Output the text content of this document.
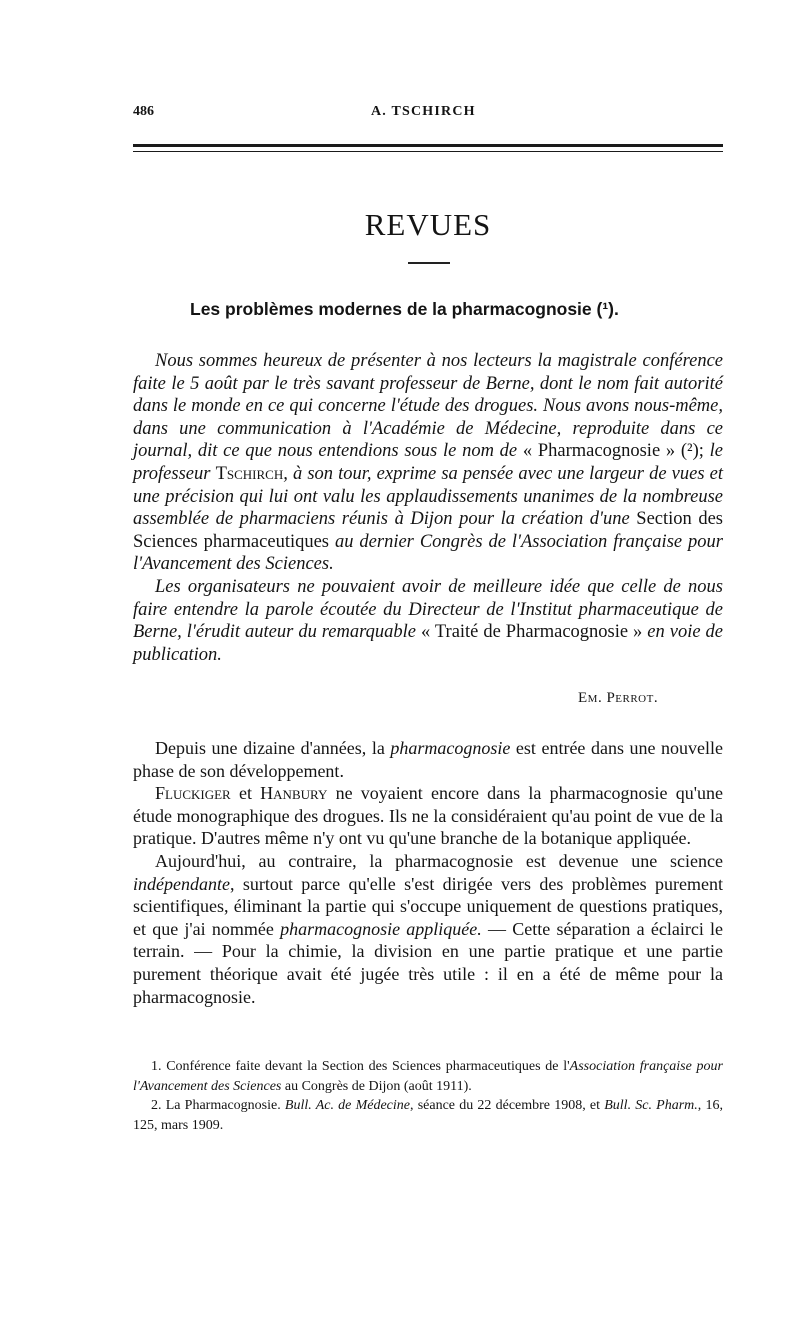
486	A. TSCHIRCH
REVUES
Les problèmes modernes de la pharmacognosie (¹).

Nous sommes heureux de présenter à nos lecteurs la magistrale conférence faite le 5 août par le très savant professeur de Berne, dont le nom fait autorité dans le monde en ce qui concerne l'étude des drogues. Nous avons nous-même, dans une communication à l'Académie de Médecine, reproduite dans ce journal, dit ce que nous entendions sous le nom de « Pharmacognosie » (²); le professeur Tschirch, à son tour, exprime sa pensée avec une largeur de vues et une précision qui lui ont valu les applaudissements unanimes de la nombreuse assemblée de pharmaciens réunis à Dijon pour la création d'une Section des Sciences pharmaceutiques au dernier Congrès de l'Association française pour l'Avancement des Sciences.

Les organisateurs ne pouvaient avoir de meilleure idée que celle de nous faire entendre la parole écoutée du Directeur de l'Institut pharmaceutique de Berne, l'érudit auteur du remarquable « Traité de Pharmacognosie » en voie de publication.

Em. Perrot.

Depuis une dizaine d'années, la pharmacognosie est entrée dans une nouvelle phase de son développement.

Fluckiger et Hanbury ne voyaient encore dans la pharmacognosie qu'une étude monographique des drogues. Ils ne la considéraient qu'au point de vue de la pratique. D'autres même n'y ont vu qu'une branche de la botanique appliquée.

Aujourd'hui, au contraire, la pharmacognosie est devenue une science indépendante, surtout parce qu'elle s'est dirigée vers des problèmes purement scientifiques, éliminant la partie qui s'occupe uniquement de questions pratiques, et que j'ai nommée pharmacognosie appliquée. — Cette séparation a éclairci le terrain. — Pour la chimie, la division en une partie pratique et une partie purement théorique avait été jugée très utile : il en a été de même pour la pharmacognosie.

1. Conférence faite devant la Section des Sciences pharmaceutiques de l'Association française pour l'Avancement des Sciences au Congrès de Dijon (août 1911).

2. La Pharmacognosie. Bull. Ac. de Médecine, séance du 22 décembre 1908, et Bull. Sc. Pharm., 16, 125, mars 1909.
